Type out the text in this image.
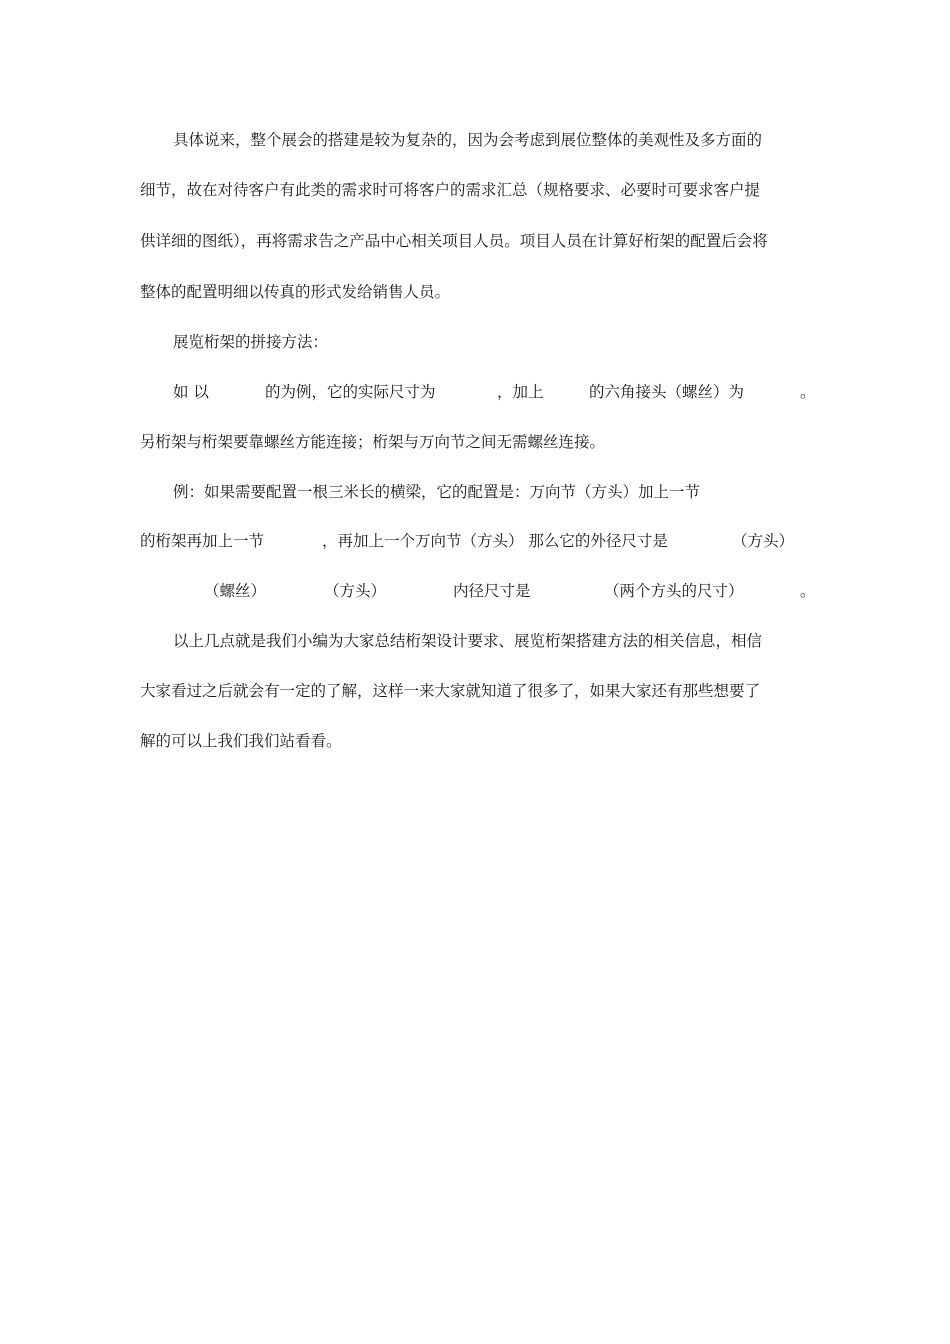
具体说来，整个展会的搭建是较为复杂的，因为会考虑到展位整体的美观性及多方面的
细节，故在对待客户有此类的需求时可将客户的需求汇总（规格要求、必要时可要求客户提
供详细的图纸），再将需求告之产品中心相关项目人员。项目人员在计算好桁架的配置后会将
整体的配置明细以传真的形式发给销售人员。
展览桁架的拼接方法：
如 以	的为例，它的实际尺寸为	，加上	的六角接头（螺丝）为	。
另桁架与桁架要靠螺丝方能连接；桁架与万向节之间无需螺丝连接。
例：如果需要配置一根三米长的横梁，它的配置是：万向节（方头）加上一节
的桁架再加上一节	，再加上一个万向节（方头） 那么它的外径尺寸是	（方头）
（螺丝）	（方头）	内径尺寸是	（两个方头的尺寸）	。
以上几点就是我们小编为大家总结桁架设计要求、展览桁架搭建方法的相关信息，相信
大家看过之后就会有一定的了解，这样一来大家就知道了很多了，如果大家还有那些想要了
解的可以上我们我们站看看。
